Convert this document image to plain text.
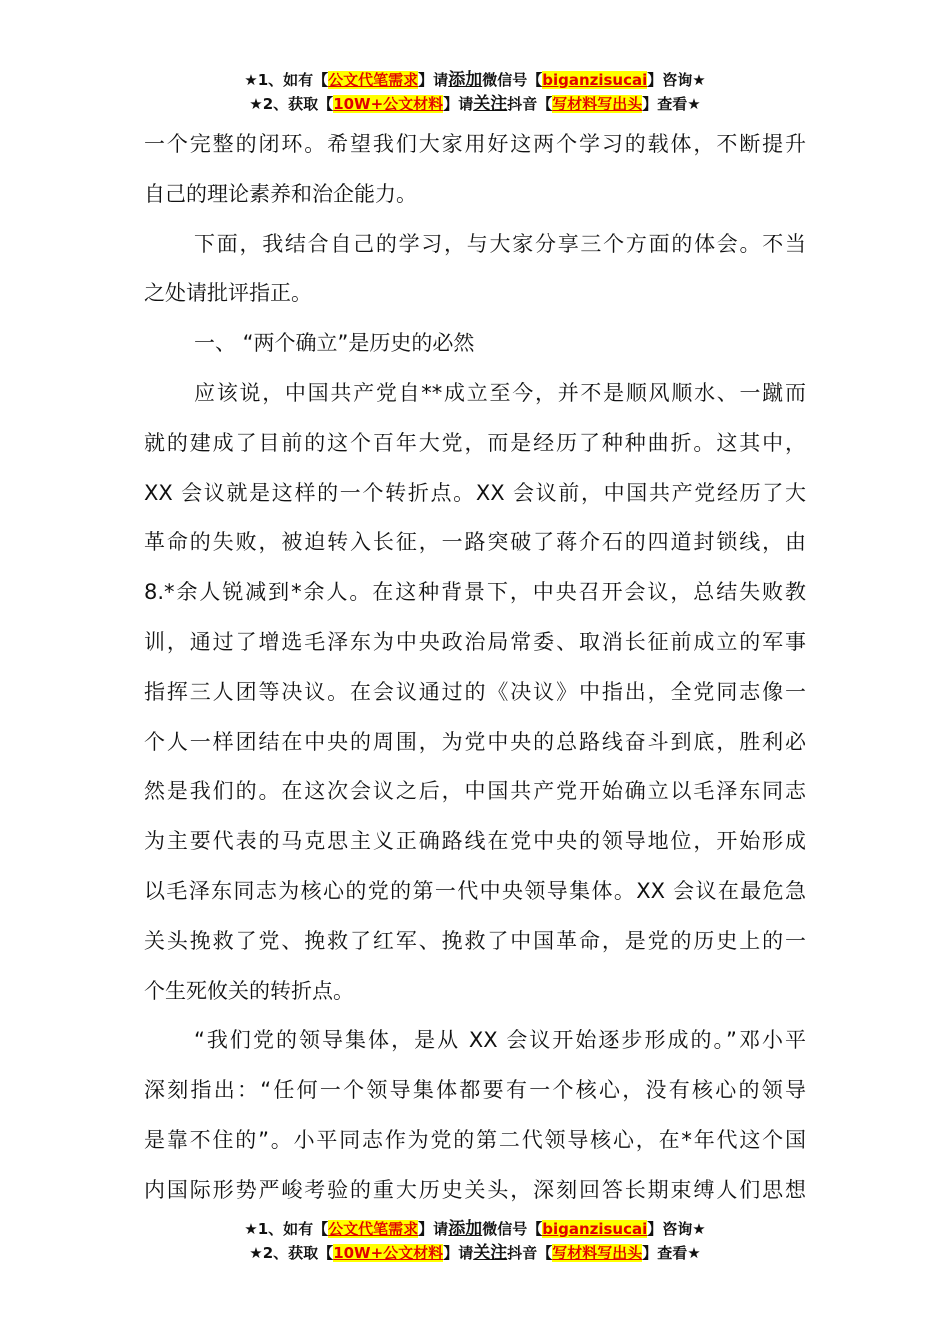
★1、如有【公文代笔需求】请添加微信号【biganzisucai】咨询★
★2、获取【10W+公文材料】请关注抖音【写材料写出头】查看★
一个完整的闭环。希望我们大家用好这两个学习的载体，不断提升
自己的理论素养和治企能力。
下面，我结合自己的学习，与大家分享三个方面的体会。不当
之处请批评指正。
一、 “两个确立”是历史的必然
应该说，中国共产党自**成立至今，并不是顺风顺水、一蹴而
就的建成了目前的这个百年大党，而是经历了种种曲折。这其中，
XX 会议就是这样的一个转折点。XX 会议前，中国共产党经历了大
革命的失败，被迫转入长征，一路突破了蒋介石的四道封锁线，由
8.*余人锐减到*余人。在这种背景下，中央召开会议，总结失败教
训，通过了增选毛泽东为中央政治局常委、取消长征前成立的军事
指挥三人团等决议。在会议通过的《决议》中指出，全党同志像一
个人一样团结在中央的周围，为党中央的总路线奋斗到底，胜利必
然是我们的。在这次会议之后，中国共产党开始确立以毛泽东同志
为主要代表的马克思主义正确路线在党中央的领导地位，开始形成
以毛泽东同志为核心的党的第一代中央领导集体。XX 会议在最危急
关头挽救了党、挽救了红军、挽救了中国革命，是党的历史上的一
个生死攸关的转折点。
“我们党的领导集体，是从 XX 会议开始逐步形成的。”邓小平
深刻指出：“任何一个领导集体都要有一个核心，没有核心的领导
是靠不住的”。小平同志作为党的第二代领导核心，在*年代这个国
内国际形势严峻考验的重大历史关头，深刻回答长期束缚人们思想
★1、如有【公文代笔需求】请添加微信号【biganzisucai】咨询★
★2、获取【10W+公文材料】请关注抖音【写材料写出头】查看★
